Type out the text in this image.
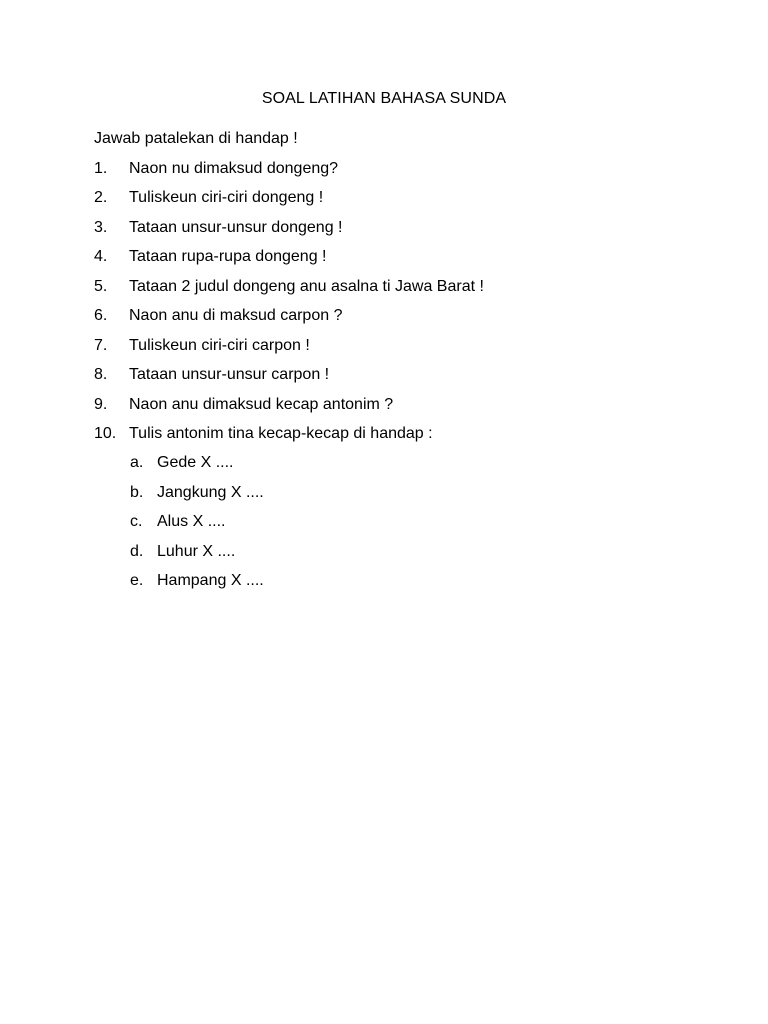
SOAL LATIHAN BAHASA SUNDA
Jawab patalekan di handap !
1. Naon nu dimaksud dongeng?
2. Tuliskeun ciri-ciri dongeng !
3. Tataan unsur-unsur dongeng !
4. Tataan rupa-rupa dongeng !
5. Tataan 2 judul dongeng anu asalna ti Jawa Barat !
6. Naon anu di maksud carpon ?
7. Tuliskeun ciri-ciri carpon !
8. Tataan unsur-unsur carpon !
9. Naon anu dimaksud kecap antonim ?
10. Tulis antonim tina kecap-kecap di handap :
a. Gede X ....
b. Jangkung X ....
c. Alus X ....
d. Luhur X ....
e. Hampang X ....
